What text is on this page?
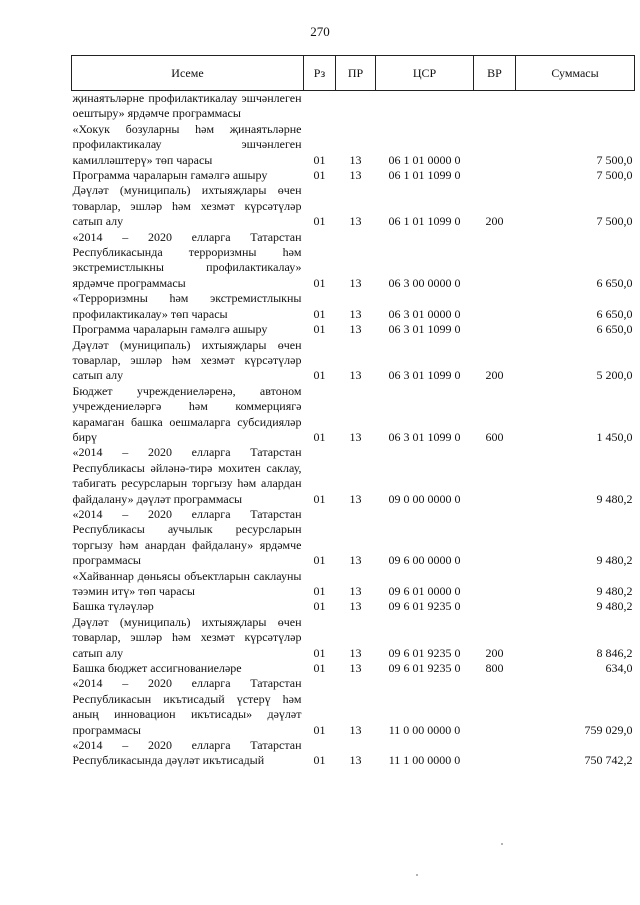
270
Исеме	Рз	ПР	ЦСР	ВР	Суммасы
җинаятьләрне профилактикалау эшчәнлеген оештыру» ярдәмче программасы					
«Хокук бозуларны һәм җинаятьләрне профилактикалау эшчәнлеген камилләштерү» төп чарасы	01	13	06 1 01 0000 0		7 500,0
Программа чараларын гамәлгә ашыру	01	13	06 1 01 1099 0		7 500,0
Дәүләт (муниципаль) ихтыяҗлары өчен товарлар, эшләр һәм хезмәт күрсәтүләр сатып алу	01	13	06 1 01 1099 0	200	7 500,0
«2014 – 2020 елларга Татарстан Республикасында терроризмны һәм экстремистлыкны профилактикалау» ярдәмче программасы	01	13	06 3 00 0000 0		6 650,0
«Терроризмны һәм экстремистлыкны профилактикалау» төп чарасы	01	13	06 3 01 0000 0		6 650,0
Программа чараларын гамәлгә ашыру	01	13	06 3 01 1099 0		6 650,0
Дәүләт (муниципаль) ихтыяҗлары өчен товарлар, эшләр һәм хезмәт күрсәтүләр сатып алу	01	13	06 3 01 1099 0	200	5 200,0
Бюджет учреждениеләренә, автоном учреждениеләргә һәм коммерциягә карамаган башка оешмаларга субсидияләр бирү	01	13	06 3 01 1099 0	600	1 450,0
«2014 – 2020 елларга Татарстан Республикасы әйләнә-тирә мохитен саклау, табигать ресурсларын торгызу һәм алардан файдалану» дәүләт программасы	01	13	09 0 00 0000 0		9 480,2
«2014 – 2020 елларга Татарстан Республикасы аучылык ресурсларын торгызу һәм анардан файдалану» ярдәмче программасы	01	13	09 6 00 0000 0		9 480,2
«Хайваннар дөньясы объектларын саклауны тәэмин итү» төп чарасы	01	13	09 6 01 0000 0		9 480,2
Башка түләүләр	01	13	09 6 01 9235 0		9 480,2
Дәүләт (муниципаль) ихтыяҗлары өчен товарлар, эшләр һәм хезмәт күрсәтүләр сатып алу	01	13	09 6 01 9235 0	200	8 846,2
Башка бюджет ассигнованиеләре	01	13	09 6 01 9235 0	800	634,0
«2014 – 2020 елларга Татарстан Республикасын икътисадый үстерү һәм аның инновацион икътисады» дәүләт программасы	01	13	11 0 00 0000 0		759 029,0
«2014 – 2020 елларга Татарстан Республикасында дәүләт икътисадый	01	13	11 1 00 0000 0		750 742,2
